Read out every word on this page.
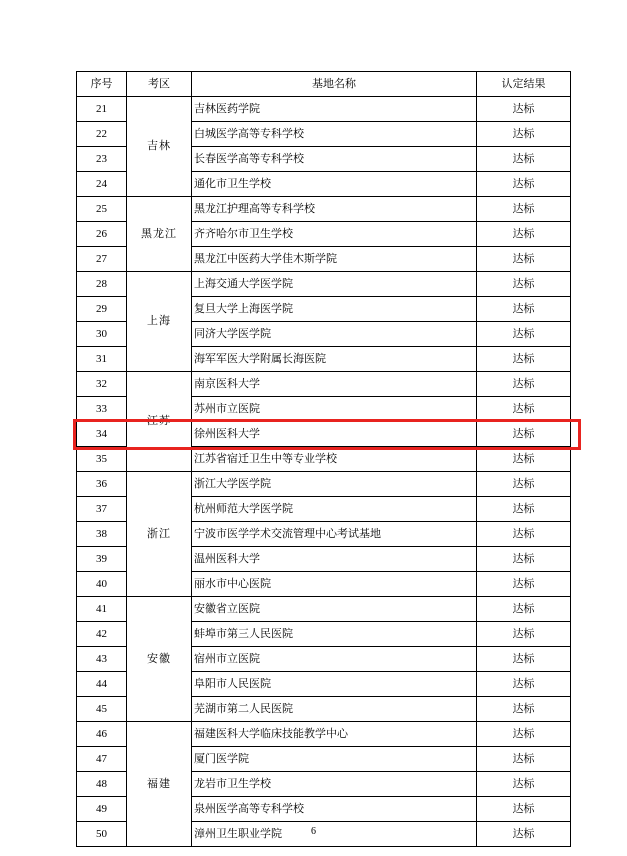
序号	考区	基地名称	认定结果
21	吉林	吉林医药学院	达标
22		白城医学高等专科学校	达标
23		长春医学高等专科学校	达标
24		通化市卫生学校	达标
25	黑龙江	黑龙江护理高等专科学校	达标
26		齐齐哈尔市卫生学校	达标
27		黑龙江中医药大学佳木斯学院	达标
28	上海	上海交通大学医学院	达标
29		复旦大学上海医学院	达标
30		同济大学医学院	达标
31		海军军医大学附属长海医院	达标
32	江苏	南京医科大学	达标
33		苏州市立医院	达标
34		徐州医科大学	达标
35		江苏省宿迁卫生中等专业学校	达标
36	浙江	浙江大学医学院	达标
37		杭州师范大学医学院	达标
38		宁波市医学学术交流管理中心考试基地	达标
39		温州医科大学	达标
40		丽水市中心医院	达标
41	安徽	安徽省立医院	达标
42		蚌埠市第三人民医院	达标
43		宿州市立医院	达标
44		阜阳市人民医院	达标
45		芜湖市第二人民医院	达标
46	福建	福建医科大学临床技能教学中心	达标
47		厦门医学院	达标
48		龙岩市卫生学校	达标
49		泉州医学高等专科学校	达标
50		漳州卫生职业学院	达标
6
